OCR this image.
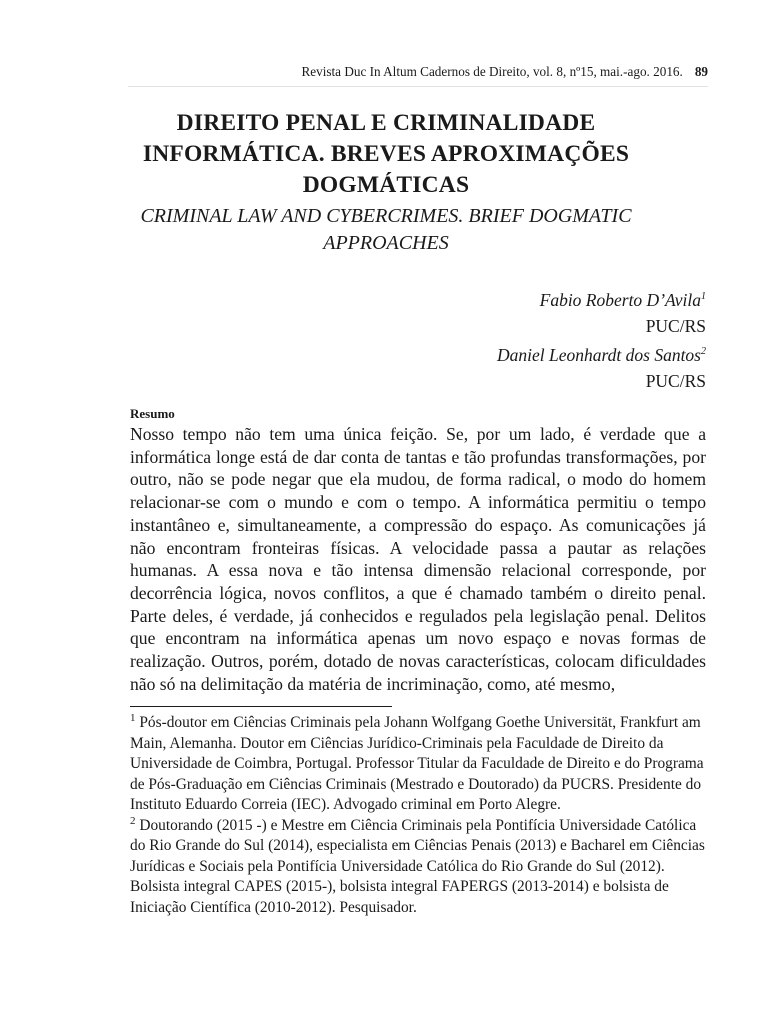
Revista Duc In Altum Cadernos de Direito, vol. 8, nº15, mai.-ago. 2016. 89
DIREITO PENAL E CRIMINALIDADE
INFORMÁTICA. BREVES APROXIMAÇÕES
DOGMÁTICAS
CRIMINAL LAW AND CYBERCRIMES. BRIEF DOGMATIC
APPROACHES
Fabio Roberto D’Avila$^1$
PUC/RS
Daniel Leonhardt dos Santos$^2$
PUC/RS
Resumo
Nosso tempo não tem uma única feição. Se, por um lado, é verdade que a informática longe está de dar conta de tantas e tão profundas transformações, por outro, não se pode negar que ela mudou, de forma radical, o modo do homem relacionar-se com o mundo e com o tempo. A informática permitiu o tempo instantâneo e, simultaneamente, a compressão do espaço. As comunicações já não encontram fronteiras físicas. A velocidade passa a pautar as relações humanas. A essa nova e tão intensa dimensão relacional corresponde, por decorrência lógica, novos conflitos, a que é chamado também o direito penal. Parte deles, é verdade, já conhecidos e regulados pela legislação penal. Delitos que encontram na informática apenas um novo espaço e novas formas de realização. Outros, porém, dotado de novas características, colocam dificuldades não só na delimitação da matéria de incriminação, como, até mesmo,

$^1$ Pós-doutor em Ciências Criminais pela Johann Wolfgang Goethe Universität, Frankfurt am Main, Alemanha. Doutor em Ciências Jurídico-Criminais pela Faculdade de Direito da Universidade de Coimbra, Portugal. Professor Titular da Faculdade de Direito e do Programa de Pós-Graduação em Ciências Criminais (Mestrado e Doutorado) da PUCRS. Presidente do Instituto Eduardo Correia (IEC). Advogado criminal em Porto Alegre.

$^2$ Doutorando (2015 -) e Mestre em Ciência Criminais pela Pontifícia Universidade Católica do Rio Grande do Sul (2014), especialista em Ciências Penais (2013) e Bacharel em Ciências Jurídicas e Sociais pela Pontifícia Universidade Católica do Rio Grande do Sul (2012). Bolsista integral CAPES (2015-), bolsista integral FAPERGS (2013-2014) e bolsista de Iniciação Científica (2010-2012). Pesquisador.
